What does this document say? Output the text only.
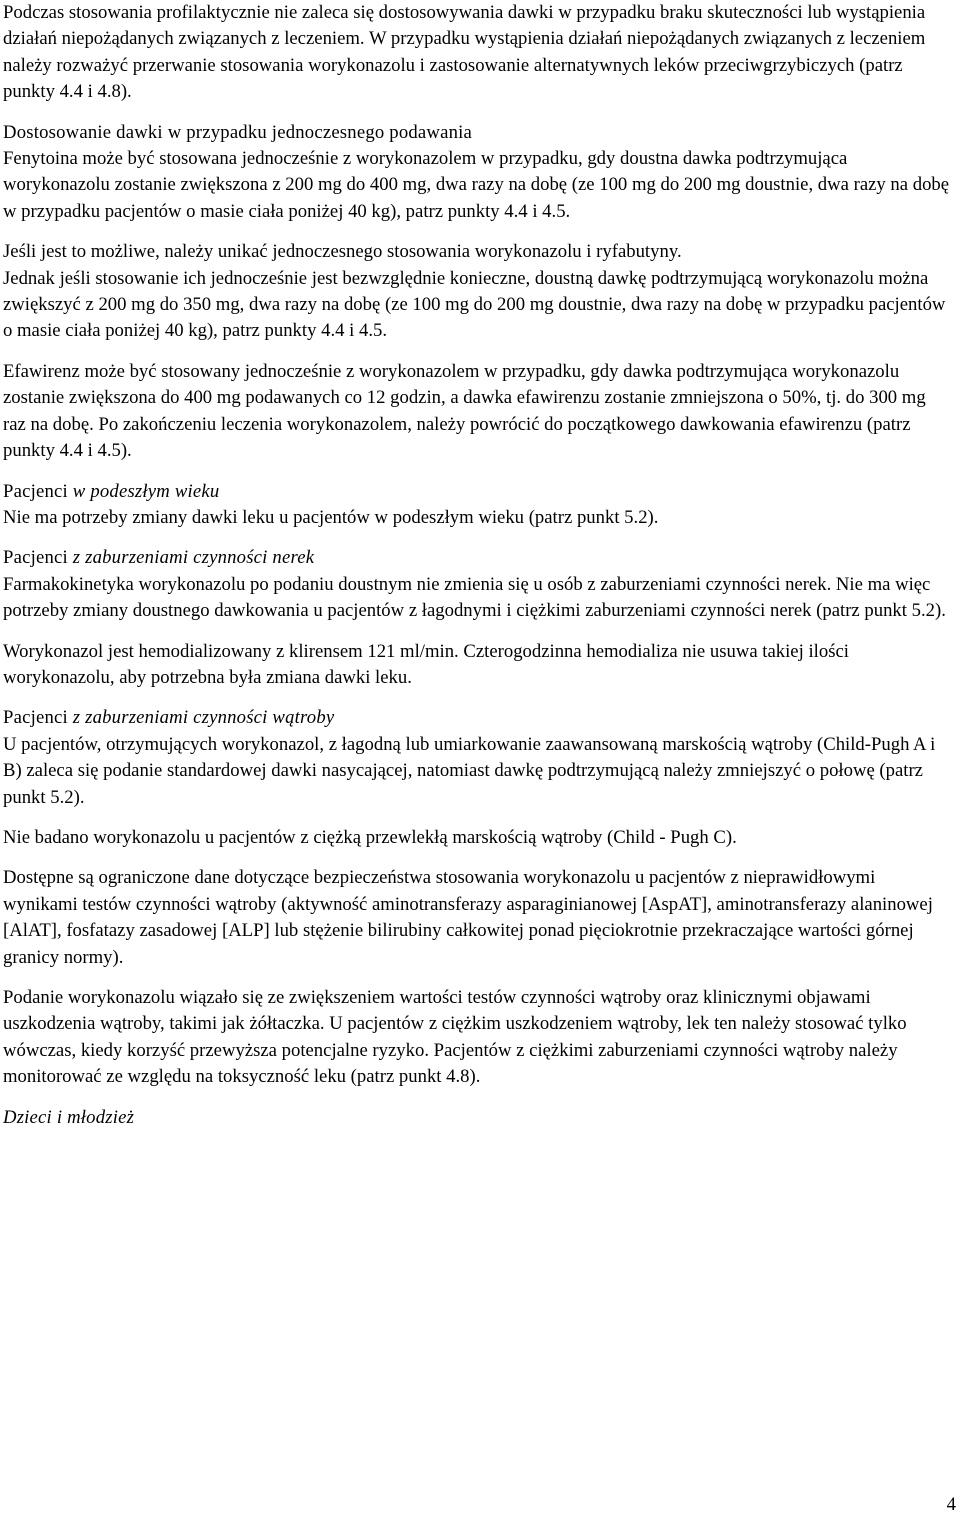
Podczas stosowania profilaktycznie nie zaleca się dostosowywania dawki w przypadku braku skuteczności lub wystąpienia działań niepożądanych związanych z leczeniem. W przypadku wystąpienia działań niepożądanych związanych z leczeniem należy rozważyć przerwanie stosowania worykonazolu i zastosowanie alternatywnych leków przeciwgrzybiczych (patrz punkty 4.4 i 4.8).

Dostosowanie dawki w przypadku jednoczesnego podawania

Fenytoina może być stosowana jednocześnie z worykonazolem w przypadku, gdy doustna dawka podtrzymująca worykonazolu zostanie zwiększona z 200 mg do 400 mg, dwa razy na dobę (ze 100 mg do 200 mg doustnie, dwa razy na dobę w przypadku pacjentów o masie ciała poniżej 40 kg), patrz punkty 4.4 i 4.5.

Jeśli jest to możliwe, należy unikać jednoczesnego stosowania worykonazolu i ryfabutyny.

Jednak jeśli stosowanie ich jednocześnie jest bezwzględnie konieczne, doustną dawkę podtrzymującą worykonazolu można zwiększyć z 200 mg do 350 mg, dwa razy na dobę (ze 100 mg do 200 mg doustnie, dwa razy na dobę w przypadku pacjentów o masie ciała poniżej 40 kg), patrz punkty 4.4 i 4.5.

Efawirenz może być stosowany jednocześnie z worykonazolem w przypadku, gdy dawka podtrzymująca worykonazolu zostanie zwiększona do 400 mg podawanych co 12 godzin, a dawka efawirenzu zostanie zmniejszona o 50%, tj. do 300 mg raz na dobę. Po zakończeniu leczenia worykonazolem, należy powrócić do początkowego dawkowania efawirenzu (patrz punkty 4.4 i 4.5).

Pacjenci w podeszłym wieku

Nie ma potrzeby zmiany dawki leku u pacjentów w podeszłym wieku (patrz punkt 5.2).

Pacjenci z zaburzeniami czynności nerek

Farmakokinetyka worykonazolu po podaniu doustnym nie zmienia się u osób z zaburzeniami czynności nerek. Nie ma więc potrzeby zmiany doustnego dawkowania u pacjentów z łagodnymi i ciężkimi zaburzeniami czynności nerek (patrz punkt 5.2).

Worykonazol jest hemodializowany z klirensem 121 ml/min. Czterogodzinna hemodializa nie usuwa takiej ilości worykonazolu, aby potrzebna była zmiana dawki leku.

Pacjenci z zaburzeniami czynności wątroby

U pacjentów, otrzymujących worykonazol, z łagodną lub umiarkowanie zaawansowaną marskością wątroby (Child-Pugh A i B) zaleca się podanie standardowej dawki nasycającej, natomiast dawkę podtrzymującą należy zmniejszyć o połowę (patrz punkt 5.2).

Nie badano worykonazolu u pacjentów z ciężką przewlekłą marskością wątroby (Child - Pugh C).

Dostępne są ograniczone dane dotyczące bezpieczeństwa stosowania worykonazolu u pacjentów z nieprawidłowymi wynikami testów czynności wątroby (aktywność aminotransferazy asparaginianowej [AspAT], aminotransferazy alaninowej [AlAT], fosfatazy zasadowej [ALP] lub stężenie bilirubiny całkowitej ponad pięciokrotnie przekraczające wartości górnej granicy normy).

Podanie worykonazolu wiązało się ze zwiększeniem wartości testów czynności wątroby oraz klinicznymi objawami uszkodzenia wątroby, takimi jak żółtaczka. U pacjentów z ciężkim uszkodzeniem wątroby, lek ten należy stosować tylko wówczas, kiedy korzyść przewyższa potencjalne ryzyko. Pacjentów z ciężkimi zaburzeniami czynności wątroby należy monitorować ze względu na toksyczność leku (patrz punkt 4.8).

Dzieci i młodzież
4
